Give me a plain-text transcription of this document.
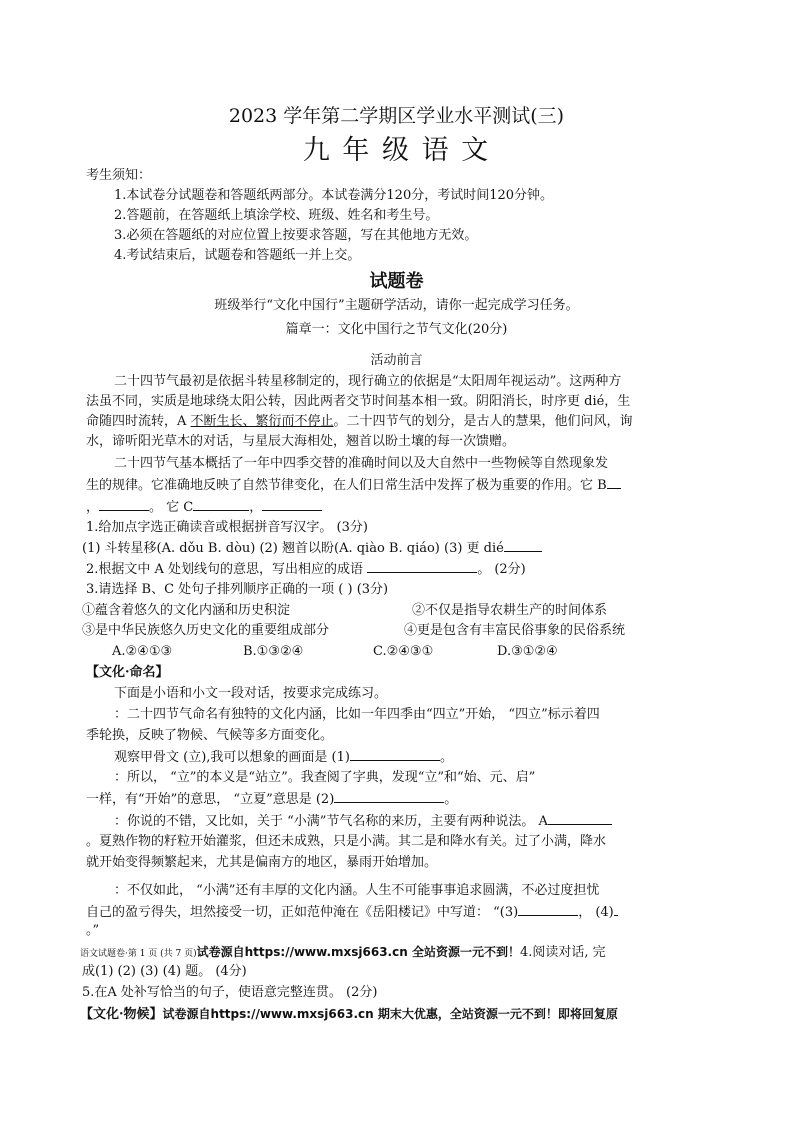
2023 学年第二学期区学业水平测试(三)
九 年 级 语 文
考生须知：
1.本试卷分试题卷和答题纸两部分。本试卷满分120分，考试时间120分钟。
2.答题前，在答题纸上填涂学校、班级、姓名和考生号。
3.必须在答题纸的对应位置上按要求答题，写在其他地方无效。
4.考试结束后，试题卷和答题纸一并上交。
试题卷
班级举行“文化中国行”主题研学活动，请你一起完成学习任务。
篇章一：文化中国行之节气文化(20分)
活动前言
二十四节气最初是依据斗转星移制定的，现行确立的依据是“太阳周年视运动”。这两种方
法虽不同，实质是地球绕太阳公转，因此两者交节时间基本相一致。阴阳消长，时序更 dié，生
命随四时流转，A 不断生长、繁衍而不停止。二十四节气的划分，是古人的慧果，他们问风，询
水，谛听阳光草木的对话，与星辰大海相处，翘首以盼土壤的每一次馈赠。
二十四节气基本概括了一年中四季交替的准确时间以及大自然中一些物候等自然现象发
生的规律。它准确地反映了自然节律变化，在人们日常生活中发挥了极为重要的作用。它 B
，	。 它 C	，
1.给加点字选正确读音或根据拼音写汉字。 (3分)
(1) 斗转星移(A. dǒu B. dòu) (2) 翘首以盼(A. qiào B. qiáo) (3) 更 dié
2.根据文中 A 处划线句的意思，写出相应的成语	。 (2分)
3.请选择 B、C 处句子排列顺序正确的一项 ( ) (3分)
①蕴含着悠久的文化内涵和历史积淀	②不仅是指导农耕生产的时间体系
③是中华民族悠久历史文化的重要组成部分	④更是包含有丰富民俗事象的民俗系统
A.②④①③	B.①③②④	C.②④③①	D.③①②④
【文化·命名】
下面是小语和小文一段对话，按要求完成练习。
：二十四节气命名有独特的文化内涵，比如一年四季由“四立”开始， “四立”标示着四
季轮换，反映了物候、气候等多方面变化。
观察甲骨文 (立),我可以想象的画面是 (1)	。
：所以， “立”的本义是“站立”。我查阅了字典，发现“立”和“始、元、启”
一样，有“开始”的意思， “立夏”意思是 (2)	。
：你说的不错，又比如，关于 “小满”节气名称的来历，主要有两种说法。 A
。夏熟作物的籽粒开始灌浆，但还未成熟，只是小满。其二是和降水有关。过了小满，降水
就开始变得频繁起来，尤其是偏南方的地区，暴雨开始增加。
：不仅如此， “小满”还有丰厚的文化内涵。人生不可能事事追求圆满，不必过度担忧
自己的盈亏得失，坦然接受一切，正如范仲淹在《岳阳楼记》中写道： “(3)	， (4)
。”
语文试题卷·第 1 页 (共 7 页)试卷源自https://www.mxsj663.cn 全站资源一元不到！4.阅读对话, 完
成(1) (2) (3) (4) 题。 (4分)
5.在A 处补写恰当的句子，使语意完整连贯。 (2分)
【文化·物候】试卷源自https://www.mxsj663.cn 期末大优惠，全站资源一元不到！即将回复原
